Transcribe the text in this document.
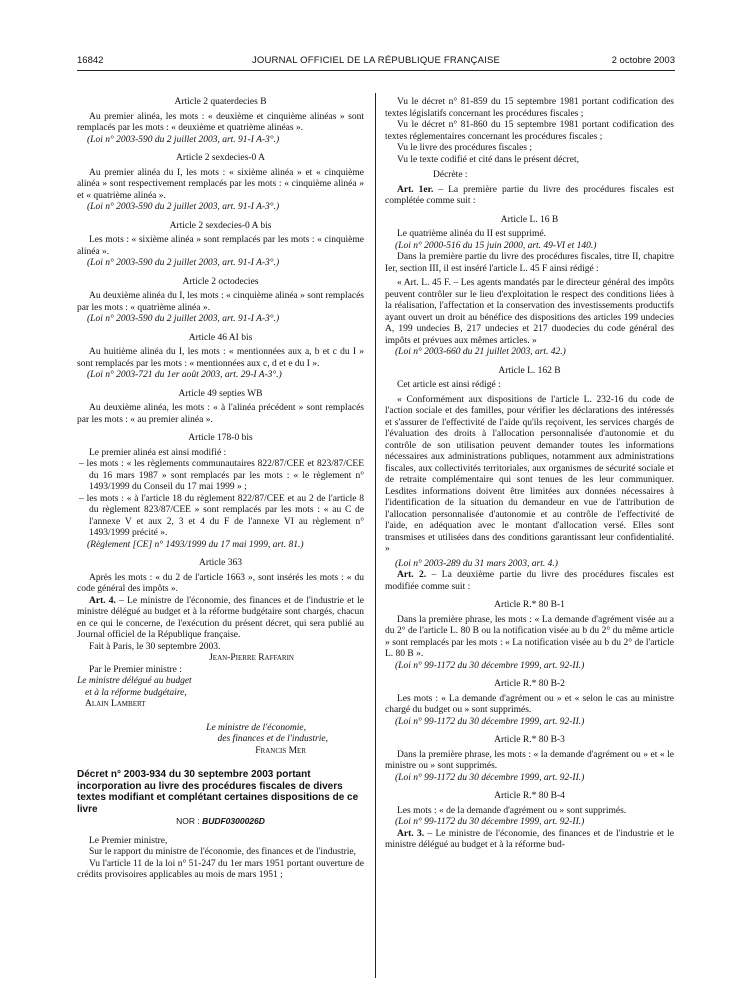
16842	JOURNAL OFFICIEL DE LA RÉPUBLIQUE FRANÇAISE	2 octobre 2003

Article 2 quaterdecies B

Au premier alinéa, les mots : « deuxième et cinquième alinéas » sont remplacés par les mots : « deuxième et quatrième alinéas ».

(Loi n° 2003-590 du 2 juillet 2003, art. 91-I A-3°.)

Article 2 sexdecies-0 A

Au premier alinéa du I, les mots : « sixième alinéa » et « cinquième alinéa » sont respectivement remplacés par les mots : « cinquième alinéa » et « quatrième alinéa ».

(Loi n° 2003-590 du 2 juillet 2003, art. 91-I A-3°.)

Article 2 sexdecies-0 A bis

Les mots : « sixième alinéa » sont remplacés par les mots : « cinquième alinéa ».

(Loi n° 2003-590 du 2 juillet 2003, art. 91-I A-3°.)

Article 2 octodecies

Au deuxième alinéa du I, les mots : « cinquième alinéa » sont remplacés par les mots : « quatrième alinéa ».

(Loi n° 2003-590 du 2 juillet 2003, art. 91-I A-3°.)

Article 46 AI bis

Au huitième alinéa du I, les mots : « mentionnées aux a, b et c du I » sont remplacés par les mots : « mentionnées aux c, d et e du I ».

(Loi n° 2003-721 du 1er août 2003, art. 29-I A-3°.)

Article 49 septies WB

Au deuxième alinéa, les mots : « à l'alinéa précédent » sont remplacés par les mots : « au premier alinéa ».

Article 178-0 bis

Le premier alinéa est ainsi modifié :

– les mots : « les règlements communautaires 822/87/CEE et 823/87/CEE du 16 mars 1987 » sont remplacés par les mots : « le règlement n° 1493/1999 du Conseil du 17 mai 1999 » ;

– les mots : « à l'article 18 du règlement 822/87/CEE et au 2 de l'article 8 du règlement 823/87/CEE » sont remplacés par les mots : « au C de l'annexe V et aux 2, 3 et 4 du F de l'annexe VI au règlement n° 1493/1999 précité ».

(Règlement [CE] n° 1493/1999 du 17 mai 1999, art. 81.)

Article 363

Après les mots : « du 2 de l'article 1663 », sont insérés les mots : « du code général des impôts ».

Art. 4. – Le ministre de l'économie, des finances et de l'industrie et le ministre délégué au budget et à la réforme budgétaire sont chargés, chacun en ce qui le concerne, de l'exécution du présent décret, qui sera publié au Journal officiel de la République française.

Fait à Paris, le 30 septembre 2003.

Jean-Pierre Raffarin

Par le Premier ministre :

Le ministre délégué au budget

et à la réforme budgétaire,

Alain Lambert

Le ministre de l'économie,

des finances et de l'industrie,

Francis Mer

Décret n° 2003-934 du 30 septembre 2003 portant incorporation au livre des procédures fiscales de divers textes modifiant et complétant certaines dispositions de ce livre

NOR : BUDF0300026D

Le Premier ministre,

Sur le rapport du ministre de l'économie, des finances et de l'industrie,

Vu l'article 11 de la loi n° 51-247 du 1er mars 1951 portant ouverture de crédits provisoires applicables au mois de mars 1951 ;

Vu le décret n° 81-859 du 15 septembre 1981 portant codification des textes législatifs concernant les procédures fiscales ;

Vu le décret n° 81-860 du 15 septembre 1981 portant codification des textes réglementaires concernant les procédures fiscales ;

Vu le livre des procédures fiscales ;

Vu le texte codifié et cité dans le présent décret,

Décrète :

Art. 1er. – La première partie du livre des procédures fiscales est complétée comme suit :

Article L. 16 B

Le quatrième alinéa du II est supprimé.

(Loi n° 2000-516 du 15 juin 2000, art. 49-VI et 140.)

Dans la première partie du livre des procédures fiscales, titre II, chapitre Ier, section III, il est inséré l'article L. 45 F ainsi rédigé :

« Art. L. 45 F. – Les agents mandatés par le directeur général des impôts peuvent contrôler sur le lieu d'exploitation le respect des conditions liées à la réalisation, l'affectation et la conservation des investissements productifs ayant ouvert un droit au bénéfice des dispositions des articles 199 undecies A, 199 undecies B, 217 undecies et 217 duodecies du code général des impôts et prévues aux mêmes articles. »

(Loi n° 2003-660 du 21 juillet 2003, art. 42.)

Article L. 162 B

Cet article est ainsi rédigé :

« Conformément aux dispositions de l'article L. 232-16 du code de l'action sociale et des familles, pour vérifier les déclarations des intéressés et s'assurer de l'effectivité de l'aide qu'ils reçoivent, les services chargés de l'évaluation des droits à l'allocation personnalisée d'autonomie et du contrôle de son utilisation peuvent demander toutes les informations nécessaires aux administrations publiques, notamment aux administrations fiscales, aux collectivités territoriales, aux organismes de sécurité sociale et de retraite complémentaire qui sont tenues de les leur communiquer. Lesdites informations doivent être limitées aux données nécessaires à l'identification de la situation du demandeur en vue de l'attribution de l'allocation personnalisée d'autonomie et au contrôle de l'effectivité de l'aide, en adéquation avec le montant d'allocation versé. Elles sont transmises et utilisées dans des conditions garantissant leur confidentialité. »

(Loi n° 2003-289 du 31 mars 2003, art. 4.)

Art. 2. – La deuxième partie du livre des procédures fiscales est modifiée comme suit :

Article R.* 80 B-1

Dans la première phrase, les mots : « La demande d'agrément visée au a du 2° de l'article L. 80 B ou la notification visée au b du 2° du même article » sont remplacés par les mots : « La notification visée au b du 2° de l'article L. 80 B ».

(Loi n° 99-1172 du 30 décembre 1999, art. 92-II.)

Article R.* 80 B-2

Les mots : « La demande d'agrément ou » et « selon le cas au ministre chargé du budget ou » sont supprimés.

(Loi n° 99-1172 du 30 décembre 1999, art. 92-II.)

Article R.* 80 B-3

Dans la première phrase, les mots : « la demande d'agrément ou » et « le ministre ou » sont supprimés.

(Loi n° 99-1172 du 30 décembre 1999, art. 92-II.)

Article R.* 80 B-4

Les mots : « de la demande d'agrément ou » sont supprimés.

(Loi n° 99-1172 du 30 décembre 1999, art. 92-II.)

Art. 3. – Le ministre de l'économie, des finances et de l'industrie et le ministre délégué au budget et à la réforme bud-
